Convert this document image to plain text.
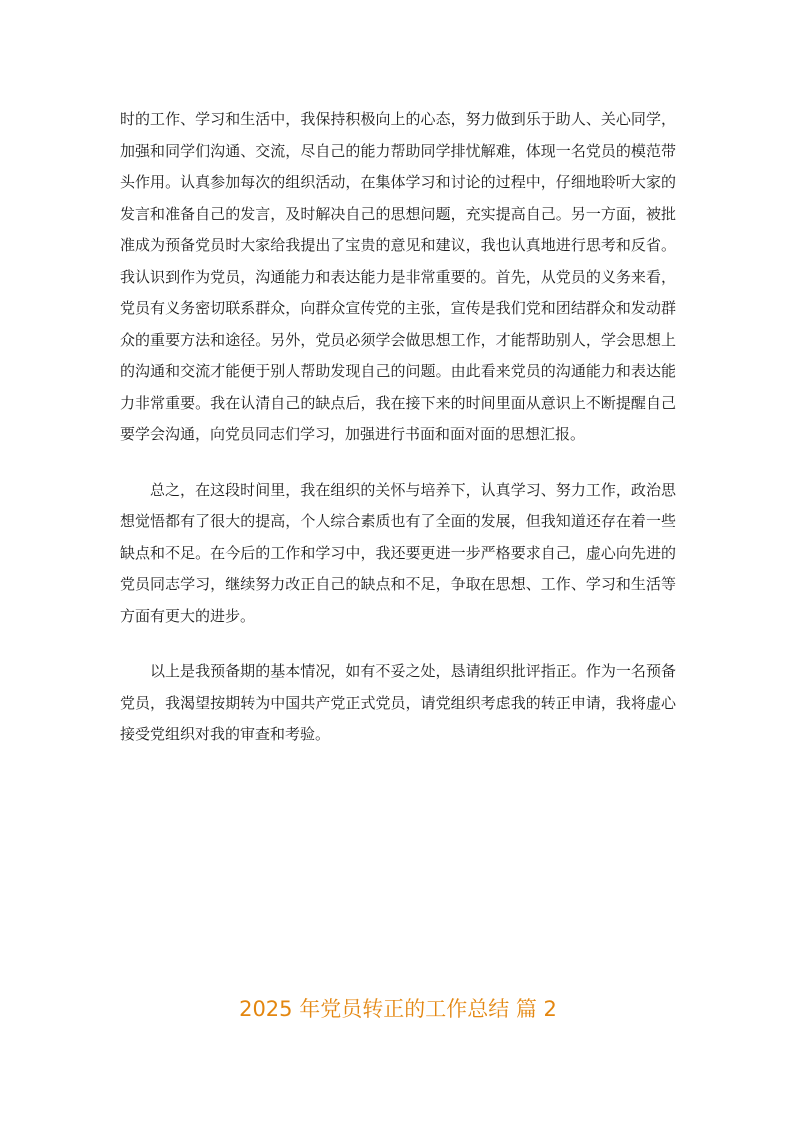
时的工作、学习和生活中，我保持积极向上的心态，努力做到乐于助人、关心同学，加强和同学们沟通、交流，尽自己的能力帮助同学排忧解难，体现一名党员的模范带头作用。认真参加每次的组织活动，在集体学习和讨论的过程中，仔细地聆听大家的发言和准备自己的发言，及时解决自己的思想问题，充实提高自己。另一方面，被批准成为预备党员时大家给我提出了宝贵的意见和建议，我也认真地进行思考和反省。我认识到作为党员，沟通能力和表达能力是非常重要的。首先，从党员的义务来看，党员有义务密切联系群众，向群众宣传党的主张，宣传是我们党和团结群众和发动群众的重要方法和途径。另外，党员必须学会做思想工作，才能帮助别人，学会思想上的沟通和交流才能便于别人帮助发现自己的问题。由此看来党员的沟通能力和表达能力非常重要。我在认清自己的缺点后，我在接下来的时间里面从意识上不断提醒自己要学会沟通，向党员同志们学习，加强进行书面和面对面的思想汇报。

总之，在这段时间里，我在组织的关怀与培养下，认真学习、努力工作，政治思想觉悟都有了很大的提高，个人综合素质也有了全面的发展，但我知道还存在着一些缺点和不足。在今后的工作和学习中，我还要更进一步严格要求自己，虚心向先进的党员同志学习，继续努力改正自己的缺点和不足，争取在思想、工作、学习和生活等方面有更大的进步。

以上是我预备期的基本情况，如有不妥之处，恳请组织批评指正。作为一名预备党员，我渴望按期转为中国共产党正式党员，请党组织考虑我的转正申请，我将虚心接受党组织对我的审查和考验。

2025 年党员转正的工作总结 篇 2
